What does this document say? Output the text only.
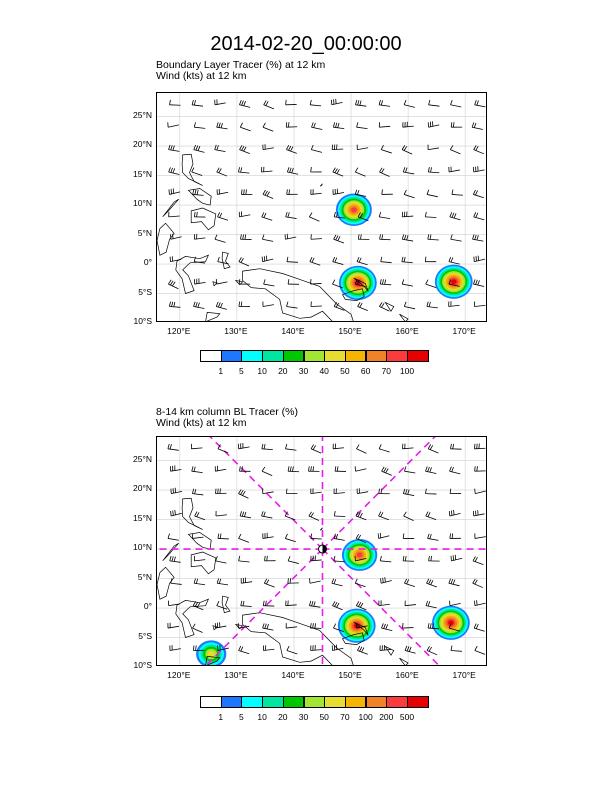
2014-02-20_00:00:00
Boundary Layer Tracer (%) at 12 km
Wind (kts) at 12 km
25°N
20°N
15°N
10°N
5°N
0°
5°S
10°S
120°E	130°E	140°E	150°E	160°E	170°E
1	5	10	20	30	40	50	60	70	100
8-14 km column BL Tracer (%)
Wind (kts) at 12 km
25°N
20°N
15°N
10°N
5°N
0°
5°S
10°S
120°E	130°E	140°E	150°E	160°E	170°E
1	5	10	20	30	50	70	100 200 500
